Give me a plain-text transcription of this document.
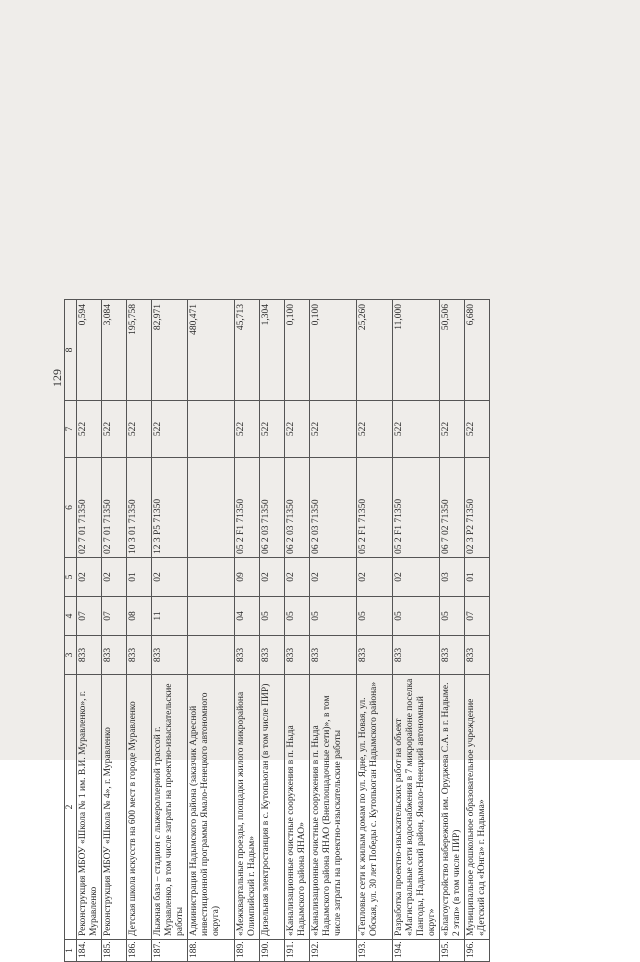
129
1	2	3	4	5	6	7	8
184.	Реконструкция МБОУ «Школа № 1 им. В.И. Муравленко», г. Муравленко	833	07	02	02 7 01 71350	522	0,594
185.	Реконструкция МБОУ «Школа № 4», г. Муравленко	833	07	02	02 7 01 71350	522	3,084
186.	Детская школа искусств на 600 мест в городе Муравленко	833	08	01	10 3 01 71350	522	195,758
187.	Лыжная база – стадион с лыжероллерной трассой г. Муравленко, в том числе затраты на проектно-изыскательские работы	833	11	02	12 3 P5 71350	522	82,971
188.	Администрация Надымского района (заказчик Адресной инвестиционной программы Ямало-Ненецкого автономного округа)						480,471
189.	«Межквартальные проезды, площадки жилого микрорайона Олимпийский г. Надым»	833	04	09	05 2 F1 71350	522	45,713
190.	Дизельная электростанция в с. Кутопьюган (в том числе ПИР)	833	05	02	06 2 03 71350	522	1,304
191.	«Канализационные очистные сооружения в п. Ныда Надымского района ЯНАО»	833	05	02	06 2 03 71350	522	0,100
192.	«Канализационные очистные сооружения в п. Ныда Надымского района ЯНАО (Внеплощадочные сети)», в том числе затраты на проектно-изыскательские работы	833	05	02	06 2 03 71350	522	0,100
193.	«Тепловые сети к жилым домам по ул. Ядне, ул. Новая, ул. Обская, ул. 30 лет Победы с. Кутопьюган Надымского района»	833	05	02	05 2 F1 71350	522	25,260
194.	Разработка проектно-изыскательских работ на объект «Магистральные сети водоснабжения в 7 микрорайоне поселка Пангоды, Надымский район, Ямало-Ненецкий автономный округ»	833	05	02	05 2 F1 71350	522	11,000
195.	«Благоустройство набережной им. Оруджева С.А. в г. Надыме. 2 этап» (в том числе ПИР)	833	05	03	06 7 02 71350	522	50,506
196.	Муниципальное дошкольное образовательное учреждение «Детский сад «Юнга» г. Надыма»	833	07	01	02 3 P2 71350	522	6,680
